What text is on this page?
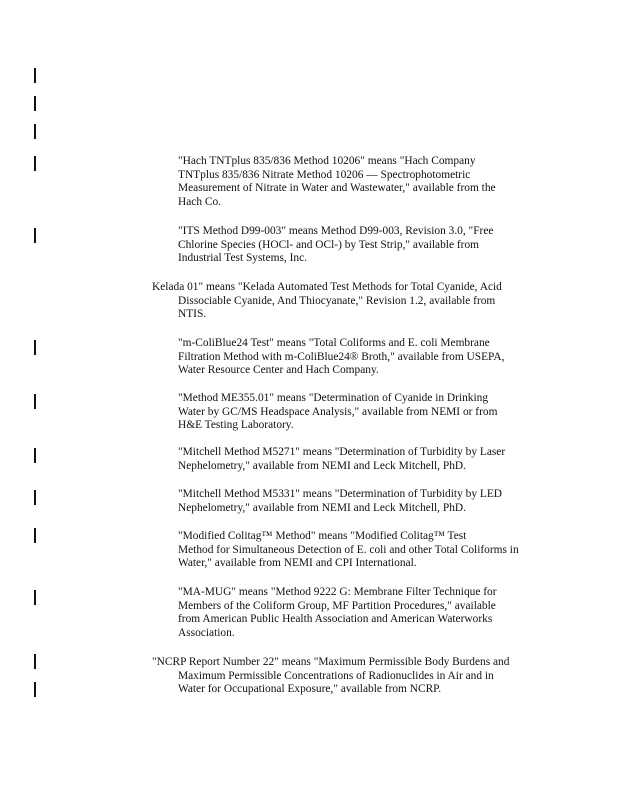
"Hach TNTplus 835/836 Method 10206" means "Hach Company
TNTplus 835/836 Nitrate Method 10206 — Spectrophotometric
Measurement of Nitrate in Water and Wastewater," available from the
Hach Co.

"ITS Method D99-003" means Method D99-003, Revision 3.0, "Free
Chlorine Species (HOCl- and OCl-) by Test Strip," available from
Industrial Test Systems, Inc.

Kelada 01" means "Kelada Automated Test Methods for Total Cyanide, Acid
Dissociable Cyanide, And Thiocyanate," Revision 1.2, available from
NTIS.

"m-ColiBlue24 Test" means "Total Coliforms and E. coli Membrane
Filtration Method with m-ColiBlue24® Broth," available from USEPA,
Water Resource Center and Hach Company.

"Method ME355.01" means "Determination of Cyanide in Drinking
Water by GC/MS Headspace Analysis," available from NEMI or from
H&E Testing Laboratory.

"Mitchell Method M5271" means "Determination of Turbidity by Laser
Nephelometry," available from NEMI and Leck Mitchell, PhD.

"Mitchell Method M5331" means "Determination of Turbidity by LED
Nephelometry," available from NEMI and Leck Mitchell, PhD.

"Modified Colitag™ Method" means "Modified Colitag™ Test
Method for Simultaneous Detection of E. coli and other Total Coliforms in
Water," available from NEMI and CPI International.

"MA-MUG" means "Method 9222 G: Membrane Filter Technique for
Members of the Coliform Group, MF Partition Procedures," available
from American Public Health Association and American Waterworks
Association.

"NCRP Report Number 22" means "Maximum Permissible Body Burdens and
Maximum Permissible Concentrations of Radionuclides in Air and in
Water for Occupational Exposure," available from NCRP.
